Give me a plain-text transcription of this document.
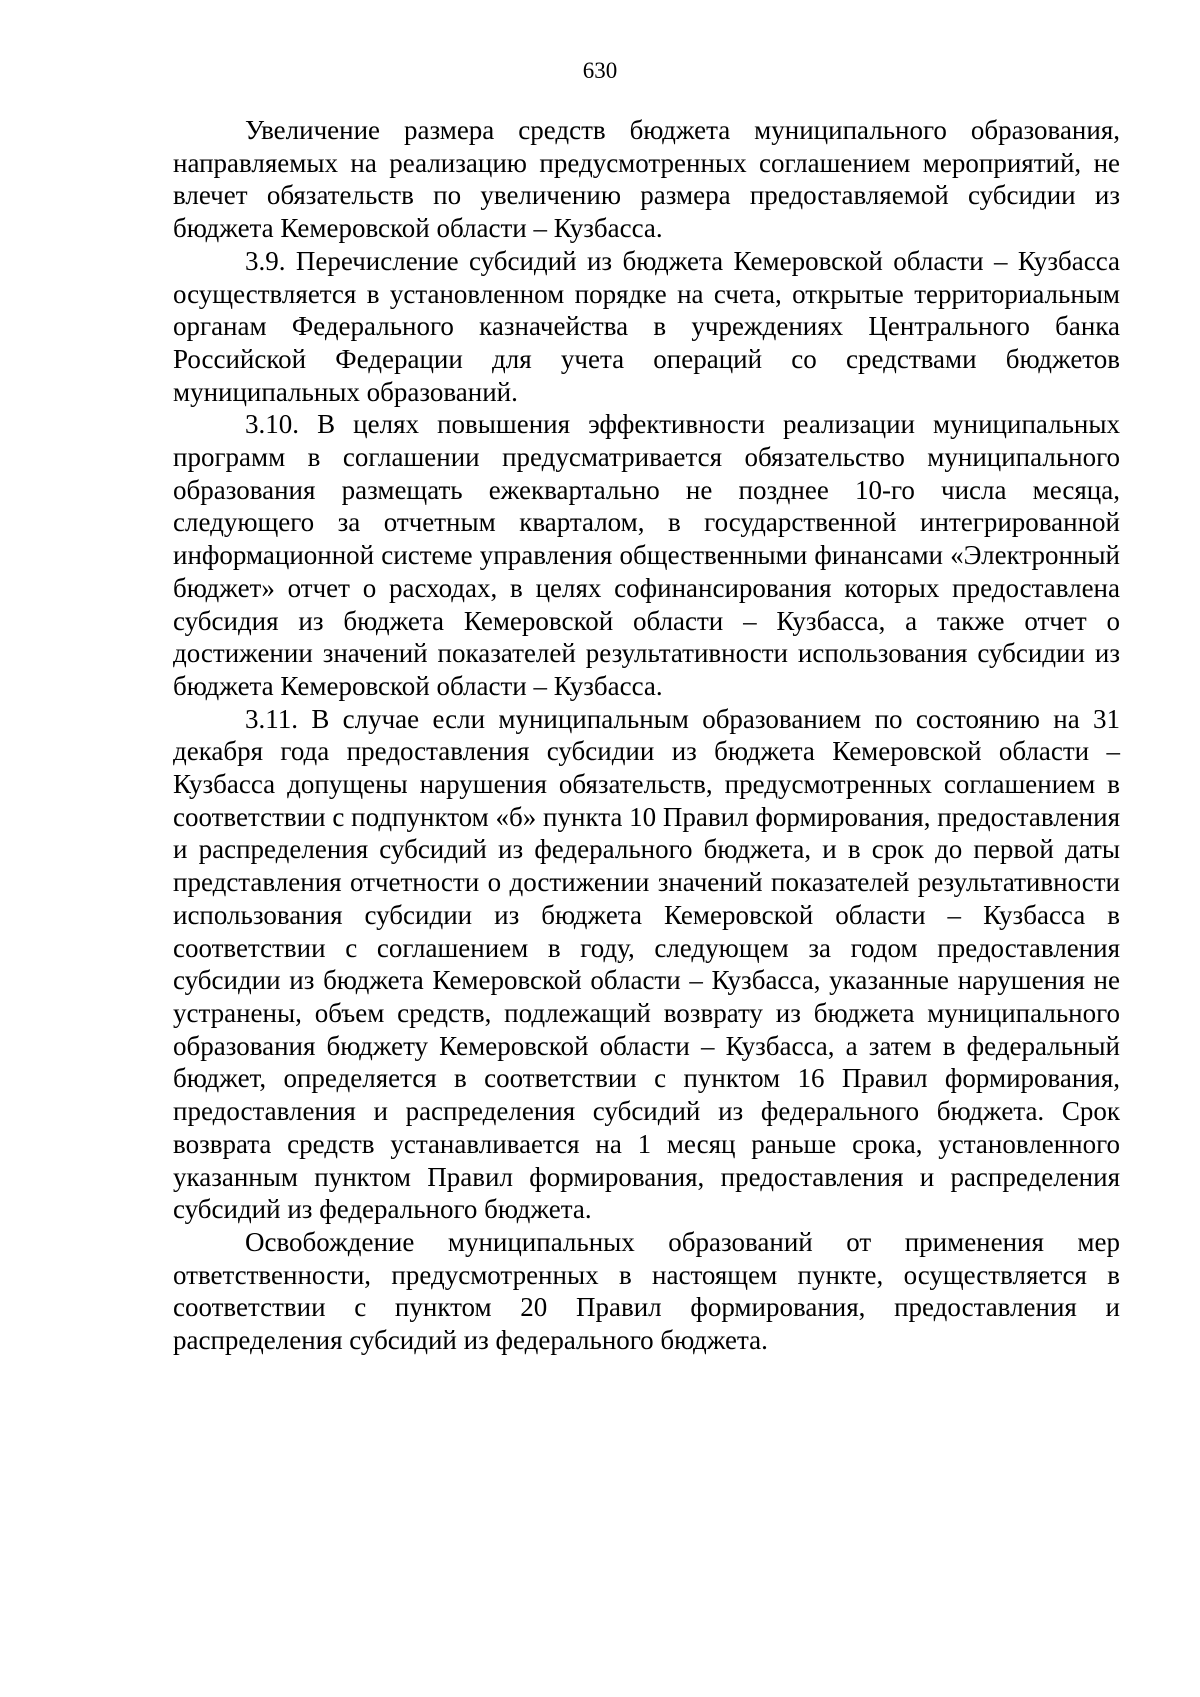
630

Увеличение размера средств бюджета муниципального образования, направляемых на реализацию предусмотренных соглашением мероприятий, не влечет обязательств по увеличению размера предоставляемой субсидии из бюджета Кемеровской области – Кузбасса.

3.9. Перечисление субсидий из бюджета Кемеровской области – Кузбасса осуществляется в установленном порядке на счета, открытые территориальным органам Федерального казначейства в учреждениях Центрального банка Российской Федерации для учета операций со средствами бюджетов муниципальных образований.

3.10. В целях повышения эффективности реализации муниципальных программ в соглашении предусматривается обязательство муниципального образования размещать ежеквартально не позднее 10-го числа месяца, следующего за отчетным кварталом, в государственной интегрированной информационной системе управления общественными финансами «Электронный бюджет» отчет о расходах, в целях софинансирования которых предоставлена субсидия из бюджета Кемеровской области – Кузбасса, а также отчет о достижении значений показателей результативности использования субсидии из бюджета Кемеровской области – Кузбасса.

3.11. В случае если муниципальным образованием по состоянию на 31 декабря года предоставления субсидии из бюджета Кемеровской области – Кузбасса допущены нарушения обязательств, предусмотренных соглашением в соответствии с подпунктом «б» пункта 10 Правил формирования, предоставления и распределения субсидий из федерального бюджета, и в срок до первой даты представления отчетности о достижении значений показателей результативности использования субсидии из бюджета Кемеровской области – Кузбасса в соответствии с соглашением в году, следующем за годом предоставления субсидии из бюджета Кемеровской области – Кузбасса, указанные нарушения не устранены, объем средств, подлежащий возврату из бюджета муниципального образования бюджету Кемеровской области – Кузбасса, а затем в федеральный бюджет, определяется в соответствии с пунктом 16 Правил формирования, предоставления и распределения субсидий из федерального бюджета. Срок возврата средств устанавливается на 1 месяц раньше срока, установленного указанным пунктом Правил формирования, предоставления и распределения субсидий из федерального бюджета.

Освобождение муниципальных образований от применения мер ответственности, предусмотренных в настоящем пункте, осуществляется в соответствии с пунктом 20 Правил формирования, предоставления и распределения субсидий из федерального бюджета.
